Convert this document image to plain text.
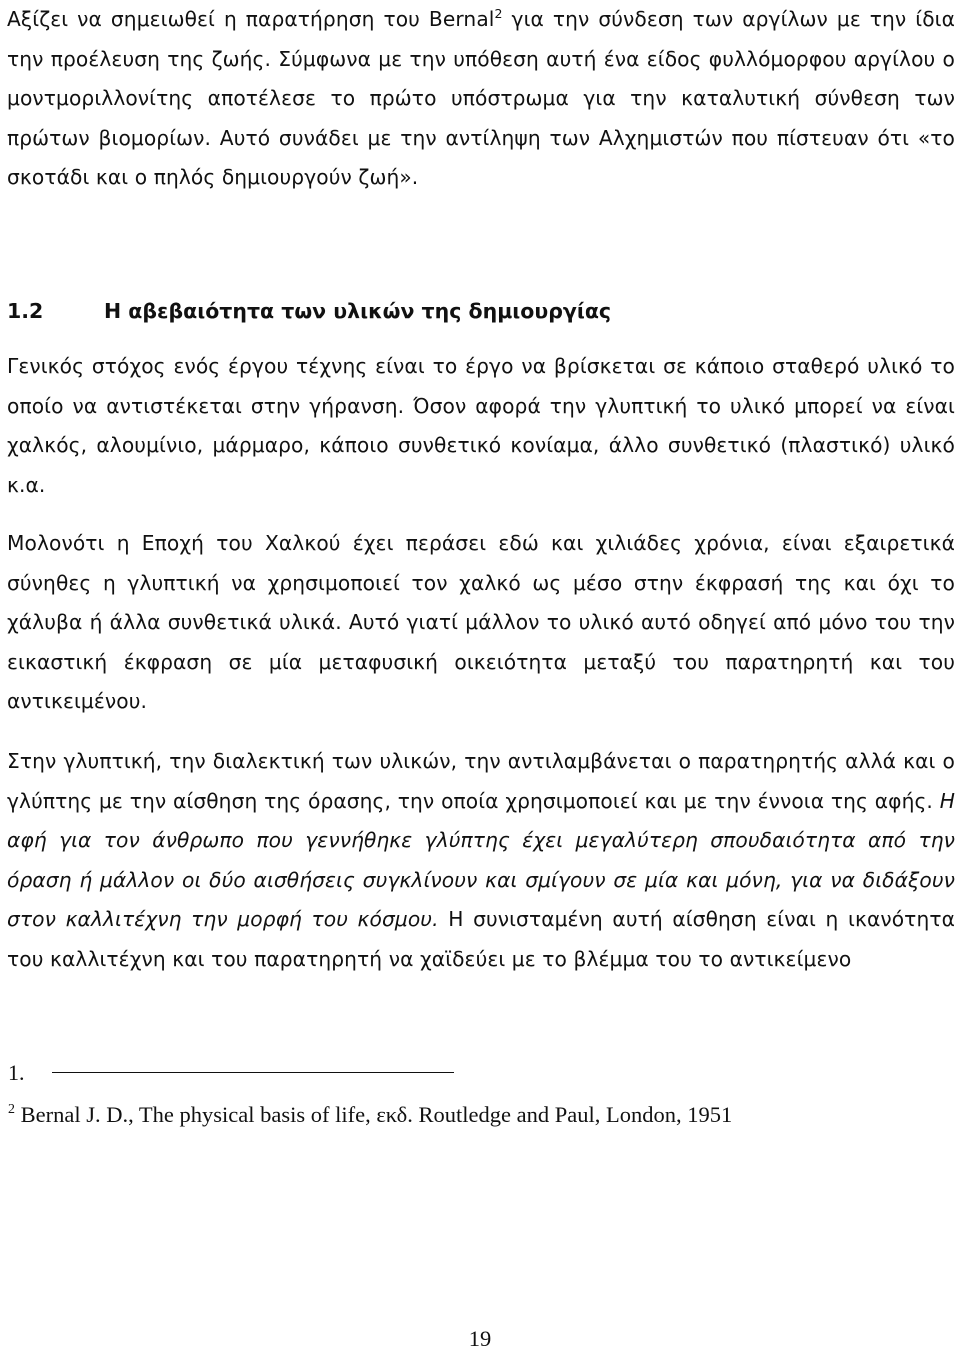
Αξίζει να σημειωθεί η παρατήρηση του Bernal$^2$ για την σύνδεση των αργίλων με την ίδια την προέλευση της ζωής. Σύμφωνα με την υπόθεση αυτή ένα είδος φυλλόμορφου αργίλου ο μοντμοριλλονίτης αποτέλεσε το πρώτο υπόστρωμα για την καταλυτική σύνθεση των πρώτων βιομορίων. Αυτό συνάδει με την αντίληψη των Αλχημιστών που πίστευαν ότι «το σκοτάδι και ο πηλός δημιουργούν ζωή».

1.2	Η αβεβαιότητα των υλικών της δημιουργίας

Γενικός στόχος ενός έργου τέχνης είναι το έργο να βρίσκεται σε κάποιο σταθερό υλικό το οποίο να αντιστέκεται στην γήρανση. Όσον αφορά την γλυπτική το υλικό μπορεί να είναι χαλκός, αλουμίνιο, μάρμαρο, κάποιο συνθετικό κονίαμα, άλλο συνθετικό (πλαστικό) υλικό κ.α.

Μολονότι η Εποχή του Χαλκού έχει περάσει εδώ και χιλιάδες χρόνια, είναι εξαιρετικά σύνηθες η γλυπτική να χρησιμοποιεί τον χαλκό ως μέσο στην έκφρασή της και όχι το χάλυβα ή άλλα συνθετικά υλικά. Αυτό γιατί μάλλον το υλικό αυτό οδηγεί από μόνο του την εικαστική έκφραση σε μία μεταφυσική οικειότητα μεταξύ του παρατηρητή και του αντικειμένου.

Στην γλυπτική, την διαλεκτική των υλικών, την αντιλαμβάνεται ο παρατηρητής αλλά και ο γλύπτης με την αίσθηση της όρασης, την οποία χρησιμοποιεί και με την έννοια της αφής. Η αφή για τον άνθρωπο που γεννήθηκε γλύπτης έχει μεγαλύτερη σπουδαιότητα από την όραση ή μάλλον οι δύο αισθήσεις συγκλίνουν και σμίγουν σε μία και μόνη, για να διδάξουν στον καλλιτέχνη την μορφή του κόσμου. Η συνισταμένη αυτή αίσθηση είναι η ικανότητα του καλλιτέχνη και του παρατηρητή να χαϊδεύει με το βλέμμα του το αντικείμενο

1.
$^2$ Bernal J. D., The physical basis of life, εκδ. Routledge and Paul, London, 1951
19
